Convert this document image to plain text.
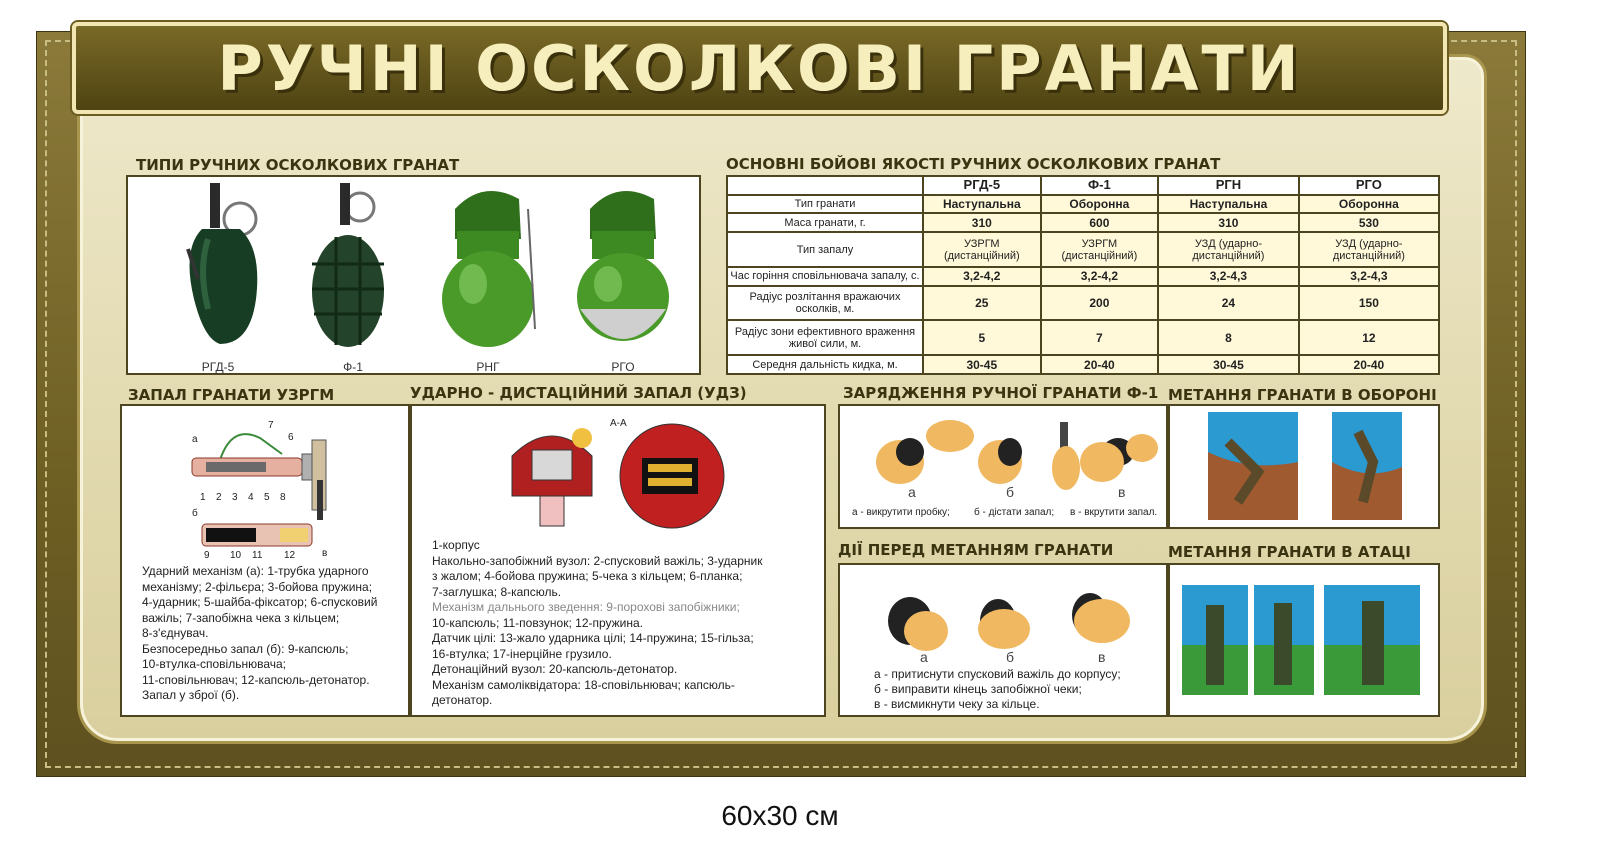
РУЧНІ ОСКОЛКОВІ ГРАНАТИ
ТИПИ РУЧНИХ ОСКОЛКОВИХ ГРАНАТ	ОСНОВНІ БОЙОВІ ЯКОСТІ РУЧНИХ ОСКОЛКОВИХ ГРАНАТ
ЗАПАЛ ГРАНАТИ УЗРГМ	УДАРНО - ДИСТАЦІЙНИЙ ЗАПАЛ (УДЗ)	ЗАРЯДЖЕННЯ РУЧНОЇ ГРАНАТИ Ф-1 МЕТАННЯ ГРАНАТИ В ОБОРОНІ
ДІЇ ПЕРЕД МЕТАННЯМ ГРАНАТИ	МЕТАННЯ ГРАНАТИ В АТАЦІ
РГД-5	Ф-1	РНГ	РГО
	РГД-5	Ф-1	РГН	РГО
Тип гранати	Наступальна	Оборонна	Наступальна	Оборонна
Маса гранати, г.	310	600	310	530
Тип запалу	УЗРГМ (дистанційний)	УЗРГМ (дистанційний)	УЗД (ударно-дистанційний)	УЗД (ударно-дистанційний)
Час горіння сповільнювача запалу, с.	3,2-4,2	3,2-4,2	3,2-4,3	3,2-4,3
Радіус розлітання вражаючих осколків, м.	25	200	24	150
Радіус зони ефективного враження живої сили, м.	5	7	8	12
Середня дальність кидка, м.	30-45	20-40	30-45	20-40
а
7
6
1 2 3 4 5 8
б
в
9 10 11 12
Ударний механізм (а): 1-трубка ударного
механізму; 2-фільєра; 3-бойова пружина;
4-ударник; 5-шайба-фіксатор; 6-спусковий
важіль; 7-запобіжна чека з кільцем;
8-з'єднувач.
Безпосередньо запал (б): 9-капсюль;
10-втулка-сповільнювача;
11-сповільнювач; 12-капсюль-детонатор.
Запал у зброї (б).
А-А
1-корпус
Накольно-запобіжний вузол: 2-спусковий важіль; 3-ударник
з жалом; 4-бойова пружина; 5-чека з кільцем; 6-планка;
7-заглушка; 8-капсюль.
Механізм дальнього зведення: 9-порохові запобіжники;
10-капсюль; 11-повзунок; 12-пружина.
Датчик цілі: 13-жало ударника цілі; 14-пружина; 15-гільза;
16-втулка; 17-інерційне грузило.
Детонаційний вузол: 20-капсюль-детонатор.
Механізм самоліквідатора: 18-сповільнювач; капсюль-
детонатор.
а	б	в
а - викрутити пробку; б - дістати запал; в - вкрутити запал.
а	б	в
а - притиснути спусковий важіль до корпусу;
б - виправити кінець запобіжної чеки;
в - висмикнути чеку за кільце.
60x30 см
